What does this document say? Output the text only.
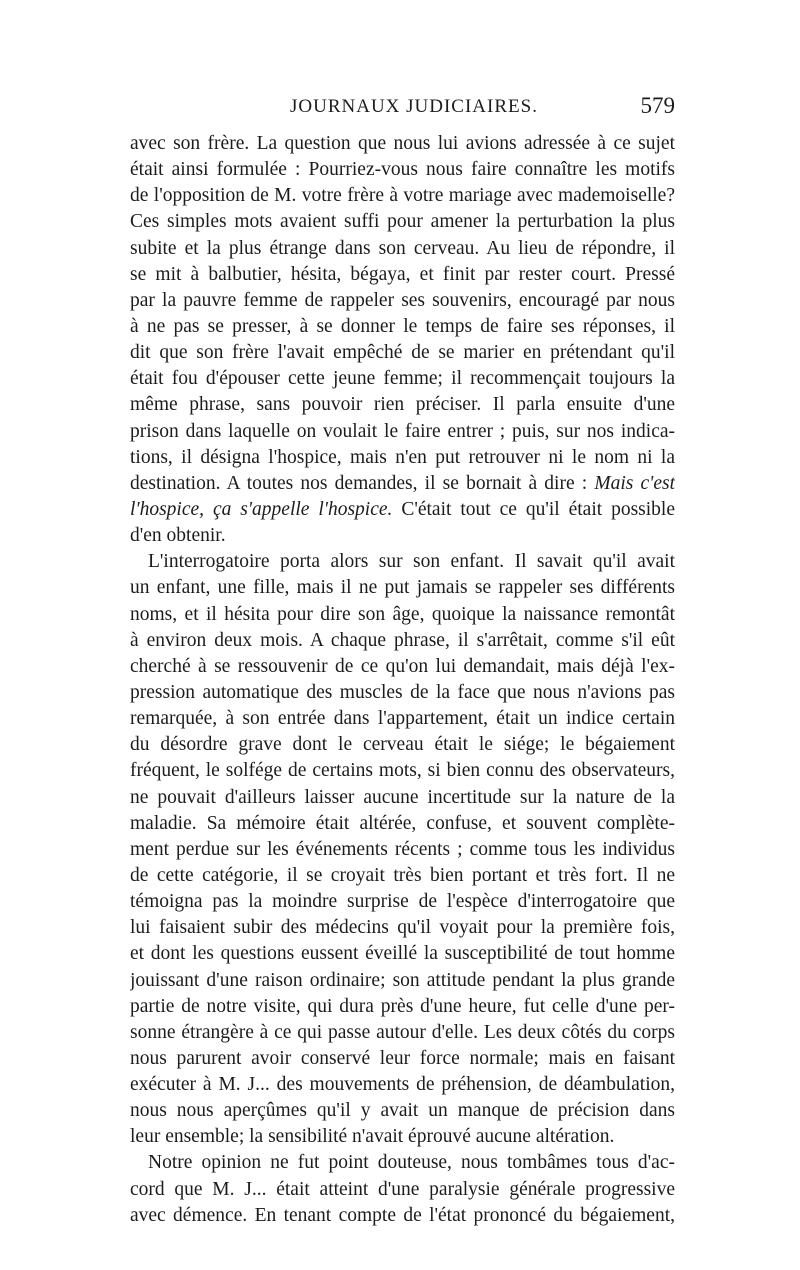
JOURNAUX JUDICIAIRES.	579
avec son frère. La question que nous lui avions adressée à ce sujet
était ainsi formulée : Pourriez-vous nous faire connaître les motifs
de l'opposition de M. votre frère à votre mariage avec mademoiselle?
Ces simples mots avaient suffi pour amener la perturbation la plus
subite et la plus étrange dans son cerveau. Au lieu de répondre, il
se mit à balbutier, hésita, bégaya, et finit par rester court. Pressé
par la pauvre femme de rappeler ses souvenirs, encouragé par nous
à ne pas se presser, à se donner le temps de faire ses réponses, il
dit que son frère l'avait empêché de se marier en prétendant qu'il
était fou d'épouser cette jeune femme; il recommençait toujours la
même phrase, sans pouvoir rien préciser. Il parla ensuite d'une
prison dans laquelle on voulait le faire entrer ; puis, sur nos indica-
tions, il désigna l'hospice, mais n'en put retrouver ni le nom ni la
destination. A toutes nos demandes, il se bornait à dire : Mais c'est
l'hospice, ça s'appelle l'hospice. C'était tout ce qu'il était possible
d'en obtenir.
L'interrogatoire porta alors sur son enfant. Il savait qu'il avait
un enfant, une fille, mais il ne put jamais se rappeler ses différents
noms, et il hésita pour dire son âge, quoique la naissance remontât
à environ deux mois. A chaque phrase, il s'arrêtait, comme s'il eût
cherché à se ressouvenir de ce qu'on lui demandait, mais déjà l'ex-
pression automatique des muscles de la face que nous n'avions pas
remarquée, à son entrée dans l'appartement, était un indice certain
du désordre grave dont le cerveau était le siége; le bégaiement
fréquent, le solfége de certains mots, si bien connu des observateurs,
ne pouvait d'ailleurs laisser aucune incertitude sur la nature de la
maladie. Sa mémoire était altérée, confuse, et souvent complète-
ment perdue sur les événements récents ; comme tous les individus
de cette catégorie, il se croyait très bien portant et très fort. Il ne
témoigna pas la moindre surprise de l'espèce d'interrogatoire que
lui faisaient subir des médecins qu'il voyait pour la première fois,
et dont les questions eussent éveillé la susceptibilité de tout homme
jouissant d'une raison ordinaire; son attitude pendant la plus grande
partie de notre visite, qui dura près d'une heure, fut celle d'une per-
sonne étrangère à ce qui passe autour d'elle. Les deux côtés du corps
nous parurent avoir conservé leur force normale; mais en faisant
exécuter à M. J... des mouvements de préhension, de déambulation,
nous nous aperçûmes qu'il y avait un manque de précision dans
leur ensemble; la sensibilité n'avait éprouvé aucune altération.
Notre opinion ne fut point douteuse, nous tombâmes tous d'ac-
cord que M. J... était atteint d'une paralysie générale progressive
avec démence. En tenant compte de l'état prononcé du bégaiement,
